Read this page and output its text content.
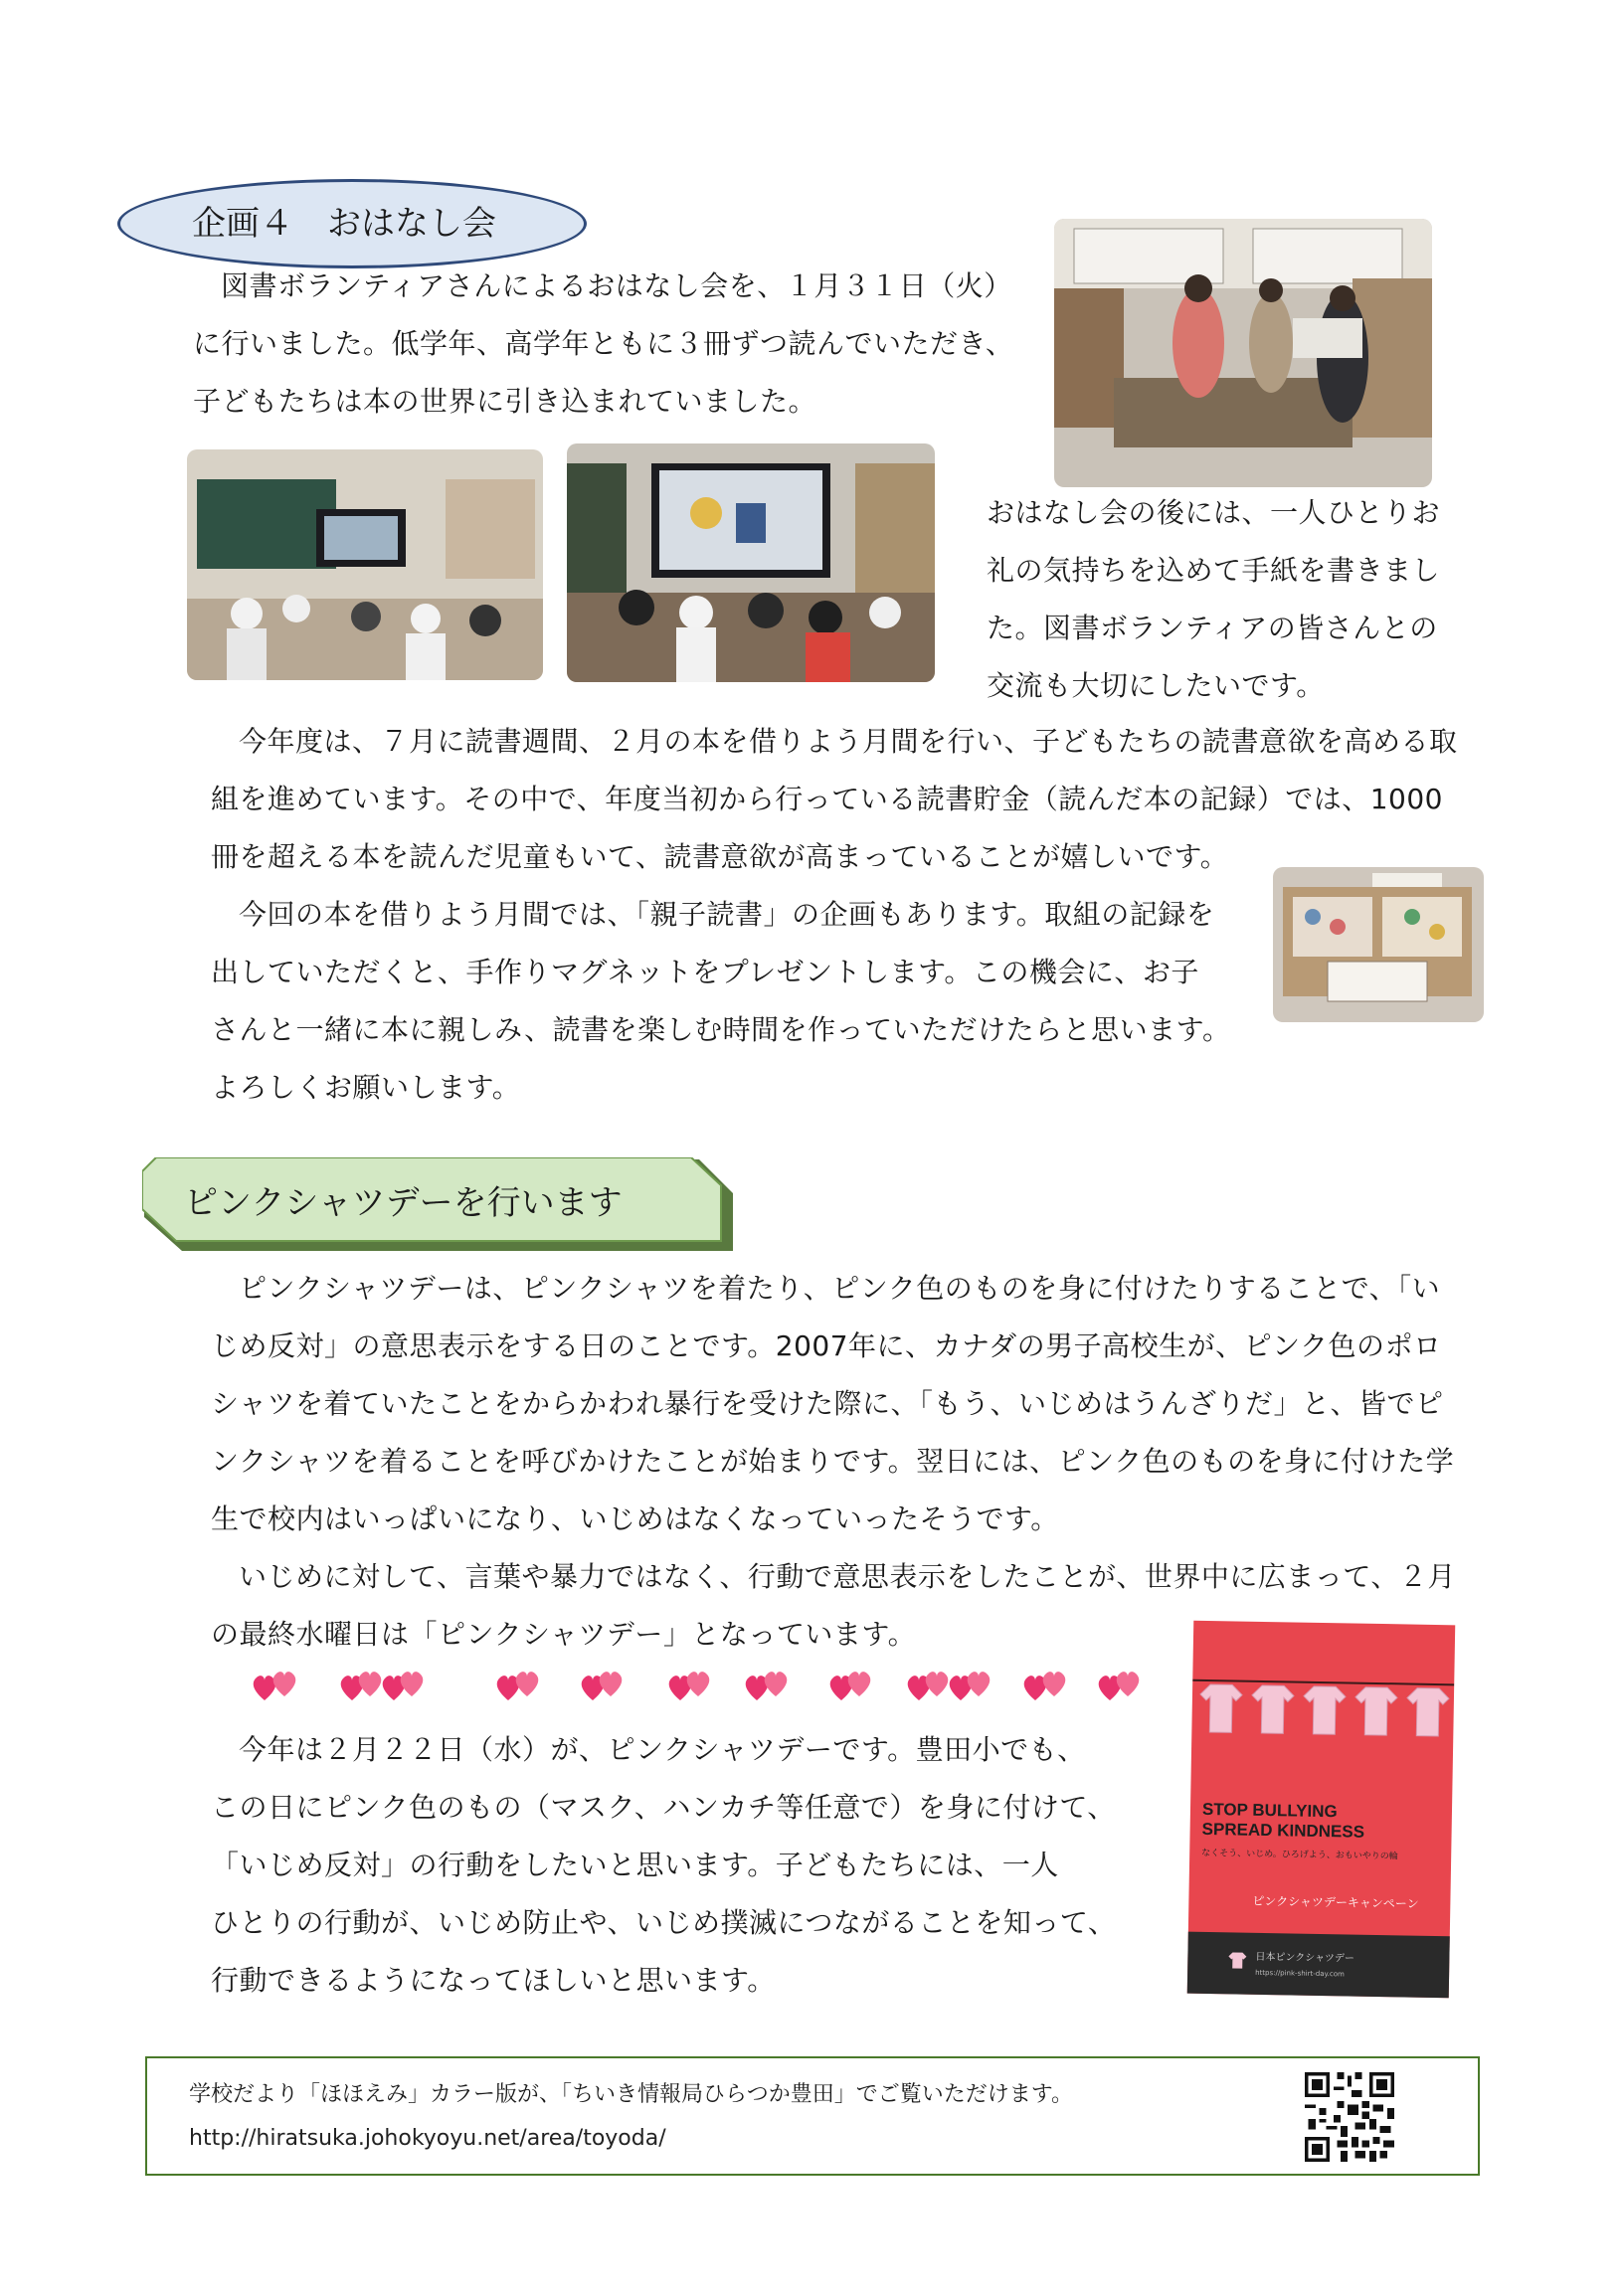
企画４　おはなし会
図書ボランティアさんによるおはなし会を、１月３１日（火）
に行いました。低学年、高学年ともに３冊ずつ読んでいただき、
子どもたちは本の世界に引き込まれていました。
おはなし会の後には、一人ひとりお
礼の気持ちを込めて手紙を書きまし
た。図書ボランティアの皆さんとの
交流も大切にしたいです。
今年度は、７月に読書週間、２月の本を借りよう月間を行い、子どもたちの読書意欲を高める取
組を進めています。その中で、年度当初から行っている読書貯金（読んだ本の記録）では、1000
冊を超える本を読んだ児童もいて、読書意欲が高まっていることが嬉しいです。
今回の本を借りよう月間では、「親子読書」の企画もあります。取組の記録を
出していただくと、手作りマグネットをプレゼントします。この機会に、お子
さんと一緒に本に親しみ、読書を楽しむ時間を作っていただけたらと思います。
よろしくお願いします。
ピンクシャツデーを行います
ピンクシャツデーは、ピンクシャツを着たり、ピンク色のものを身に付けたりすることで、「い
じめ反対」の意思表示をする日のことです。2007年に、カナダの男子高校生が、ピンク色のポロ
シャツを着ていたことをからかわれ暴行を受けた際に、「もう、いじめはうんざりだ」と、皆でピ
ンクシャツを着ることを呼びかけたことが始まりです。翌日には、ピンク色のものを身に付けた学
生で校内はいっぱいになり、いじめはなくなっていったそうです。
いじめに対して、言葉や暴力ではなく、行動で意思表示をしたことが、世界中に広まって、２月
の最終水曜日は「ピンクシャツデー」となっています。
今年は２月２２日（水）が、ピンクシャツデーです。豊田小でも、
この日にピンク色のもの（マスク、ハンカチ等任意で）を身に付けて、
「いじめ反対」の行動をしたいと思います。子どもたちには、一人
ひとりの行動が、いじめ防止や、いじめ撲滅につながることを知って、
行動できるようになってほしいと思います。
STOP BULLYING
SPREAD KINDNESS
なくそう、いじめ。ひろげよう、おもいやりの輪
ピンクシャツデーキャンペーン
日本ピンクシャツデー
https://pink-shirt-day.com
学校だより「ほほえみ」カラー版が、「ちいき情報局ひらつか豊田」でご覧いただけます。
http://hiratsuka.johokyoyu.net/area/toyoda/
